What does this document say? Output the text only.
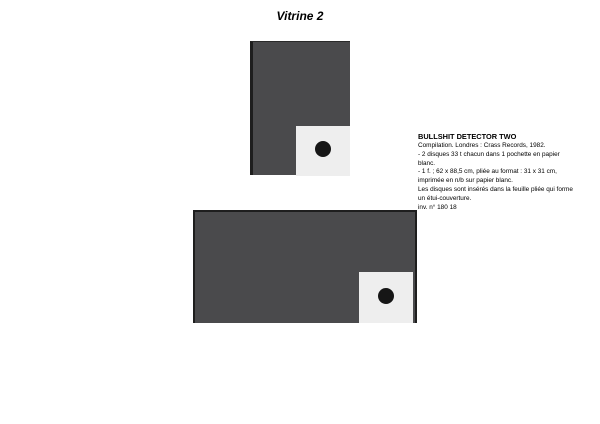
Vitrine 2
BULLSHIT DETECTOR TWO
Compilation. Londres : Crass Records, 1982.
- 2 disques 33 t chacun dans 1 pochette en papier blanc.
- 1 f. ; 62 x 88,5 cm, pliée au format : 31 x 31 cm, imprimée en n/b sur papier blanc.
Les disques sont insérés dans la feuille pliée qui forme un étui-couverture.
inv. n° 180 18
